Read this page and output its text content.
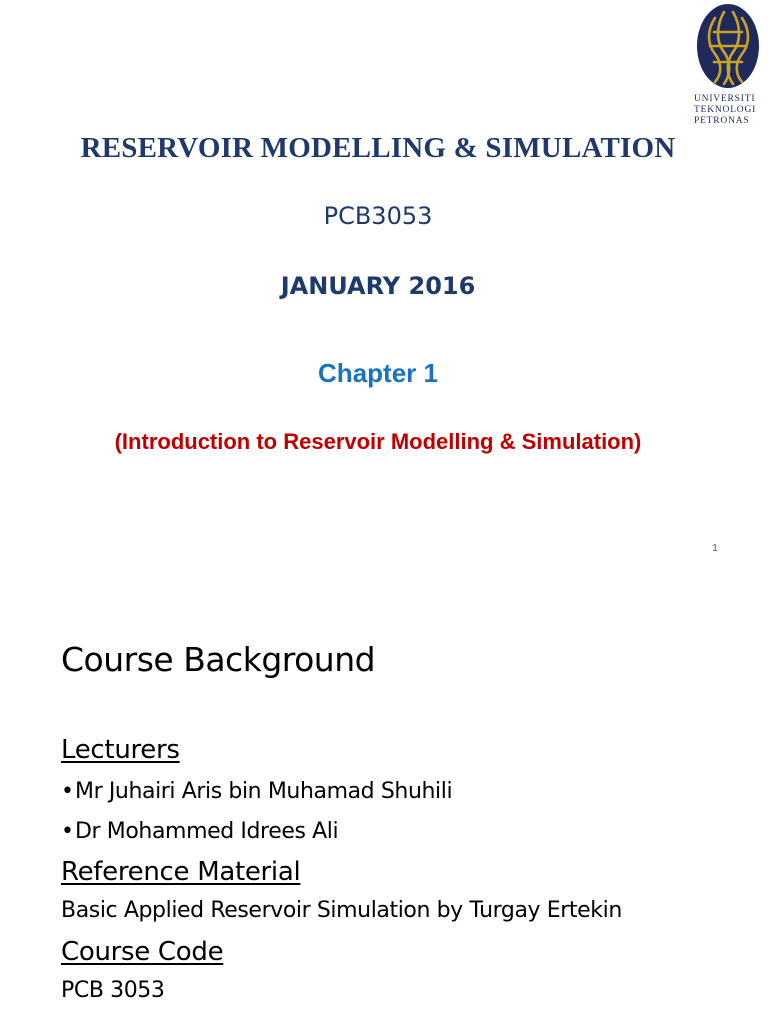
UNIVERSITI
TEKNOLOGI
PETRONAS
RESERVOIR MODELLING & SIMULATION
PCB3053
JANUARY 2016
Chapter 1
(Introduction to Reservoir Modelling & Simulation)
1
Course Background

Lecturers

•Mr Juhairi Aris bin Muhamad Shuhili
•Dr Mohammed Idrees Ali

Reference Material

Basic Applied Reservoir Simulation by Turgay Ertekin

Course Code

PCB 3053
